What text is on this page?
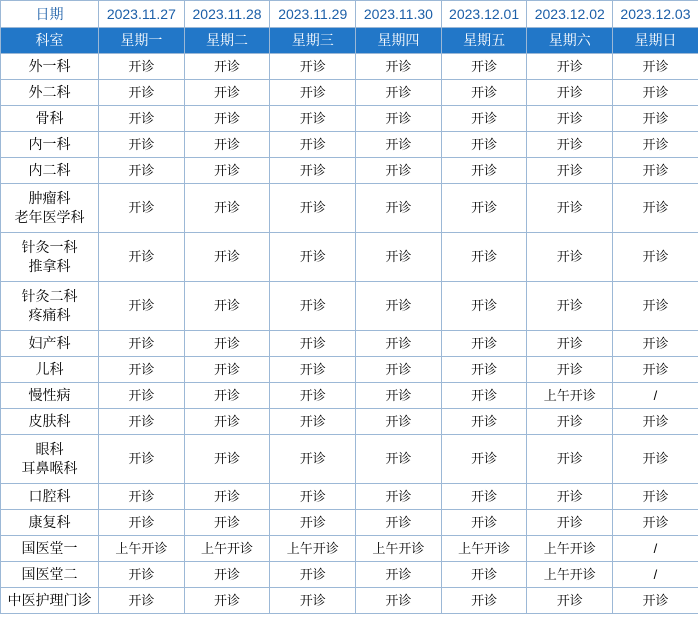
日期	2023.11.27	2023.11.28	2023.11.29	2023.11.30	2023.12.01	2023.12.02	2023.12.03
科室	星期一	星期二	星期三	星期四	星期五	星期六	星期日

外一科	开诊	开诊	开诊	开诊	开诊	开诊	开诊

外二科	开诊	开诊	开诊	开诊	开诊	开诊	开诊

骨科	开诊	开诊	开诊	开诊	开诊	开诊	开诊

内一科	开诊	开诊	开诊	开诊	开诊	开诊	开诊

内二科	开诊	开诊	开诊	开诊	开诊	开诊	开诊

肿瘤科
老年医学科	开诊	开诊	开诊	开诊	开诊	开诊	开诊

针灸一科
推拿科	开诊	开诊	开诊	开诊	开诊	开诊	开诊

针灸二科
疼痛科	开诊	开诊	开诊	开诊	开诊	开诊	开诊

妇产科	开诊	开诊	开诊	开诊	开诊	开诊	开诊

儿科	开诊	开诊	开诊	开诊	开诊	开诊	开诊

慢性病	开诊	开诊	开诊	开诊	开诊	上午开诊	/

皮肤科	开诊	开诊	开诊	开诊	开诊	开诊	开诊

眼科
耳鼻喉科	开诊	开诊	开诊	开诊	开诊	开诊	开诊

口腔科	开诊	开诊	开诊	开诊	开诊	开诊	开诊

康复科	开诊	开诊	开诊	开诊	开诊	开诊	开诊

国医堂一	上午开诊	上午开诊	上午开诊	上午开诊	上午开诊	上午开诊	/

国医堂二	开诊	开诊	开诊	开诊	开诊	上午开诊	/

中医护理门诊	开诊	开诊	开诊	开诊	开诊	开诊	开诊
